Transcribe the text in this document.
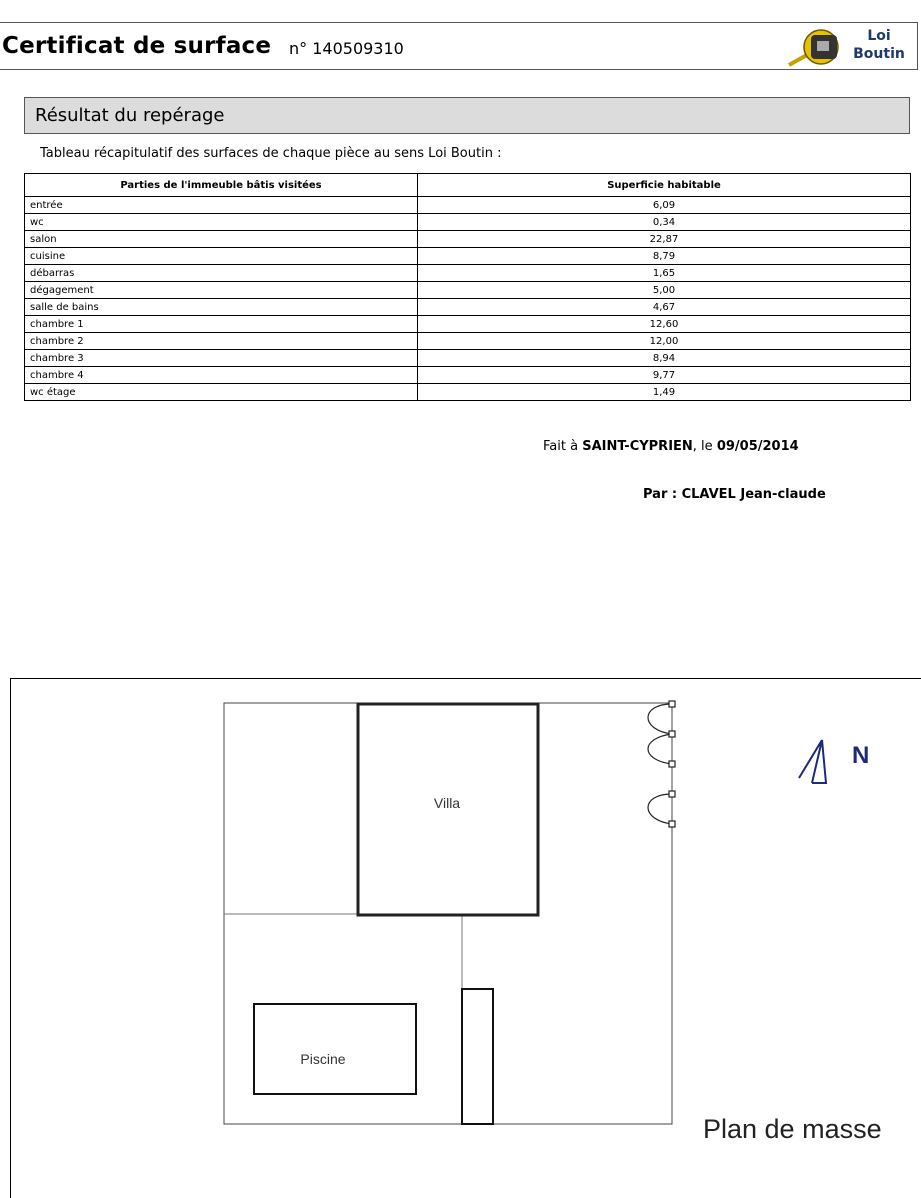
Certificat de surface n° 140509310
Loi
Boutin
Résultat du repérage
Tableau récapitulatif des surfaces de chaque pièce au sens Loi Boutin :
Parties de l'immeuble bâtis visitées	Superficie habitable
entrée	6,09
wc	0,34
salon	22,87
cuisine	8,79
débarras	1,65
dégagement	5,00
salle de bains	4,67
chambre 1	12,60
chambre 2	12,00
chambre 3	8,94
chambre 4	9,77
wc étage	1,49
Fait à SAINT-CYPRIEN, le 09/05/2014
Par : CLAVEL Jean-claude
Villa
Piscine
N
Plan de masse
